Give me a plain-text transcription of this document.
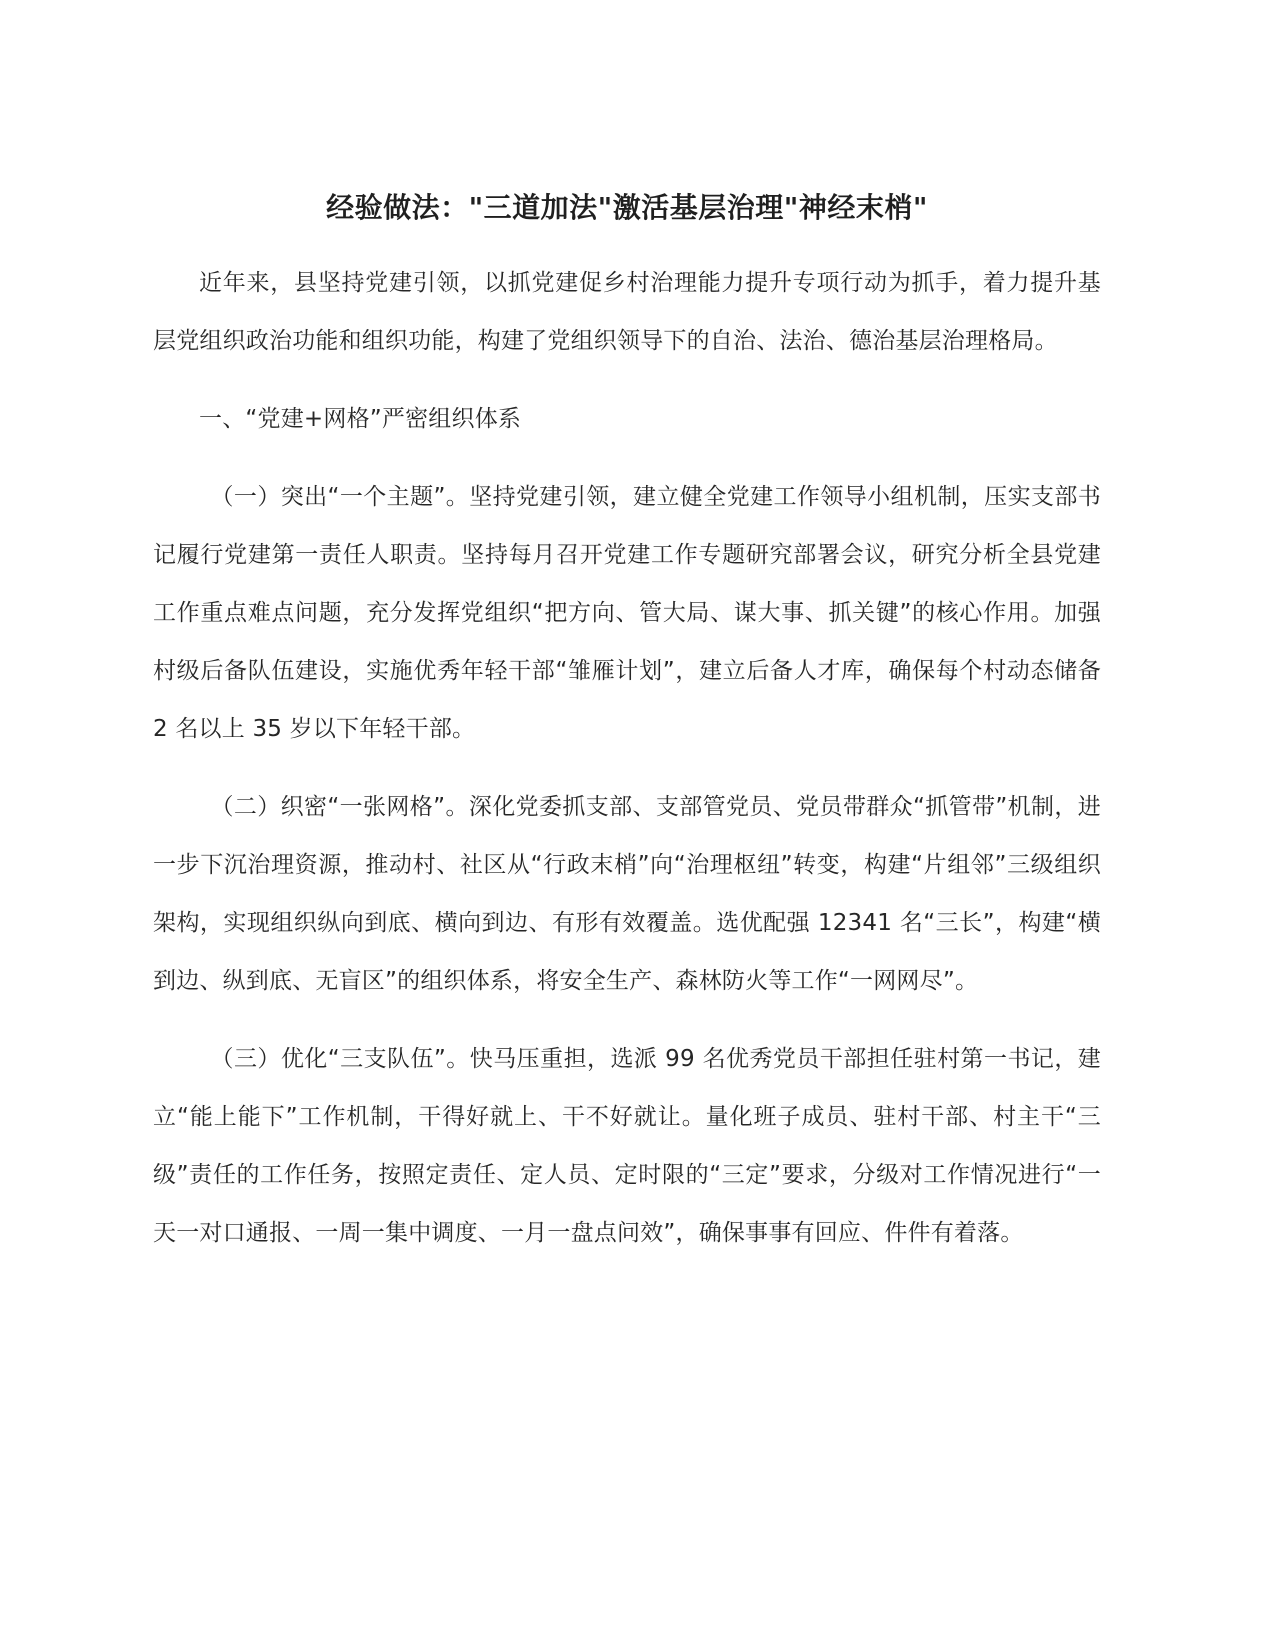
经验做法："三道加法"激活基层治理"神经末梢"

近年来，县坚持党建引领，以抓党建促乡村治理能力提升专项行动为抓手，着力提升基层党组织政治功能和组织功能，构建了党组织领导下的自治、法治、德治基层治理格局。

一、“党建+网格”严密组织体系

（一）突出“一个主题”。坚持党建引领，建立健全党建工作领导小组机制，压实支部书记履行党建第一责任人职责。坚持每月召开党建工作专题研究部署会议，研究分析全县党建工作重点难点问题，充分发挥党组织“把方向、管大局、谋大事、抓关键”的核心作用。加强村级后备队伍建设，实施优秀年轻干部“雏雁计划”，建立后备人才库，确保每个村动态储备 2 名以上 35 岁以下年轻干部。

（二）织密“一张网格”。深化党委抓支部、支部管党员、党员带群众“抓管带”机制，进一步下沉治理资源，推动村、社区从“行政末梢”向“治理枢纽”转变，构建“片组邻”三级组织架构，实现组织纵向到底、横向到边、有形有效覆盖。选优配强 12341 名“三长”，构建“横到边、纵到底、无盲区”的组织体系，将安全生产、森林防火等工作“一网网尽”。

（三）优化“三支队伍”。快马压重担，选派 99 名优秀党员干部担任驻村第一书记，建立“能上能下”工作机制，干得好就上、干不好就让。量化班子成员、驻村干部、村主干“三级”责任的工作任务，按照定责任、定人员、定时限的“三定”要求，分级对工作情况进行“一天一对口通报、一周一集中调度、一月一盘点问效”，确保事事有回应、件件有着落。
